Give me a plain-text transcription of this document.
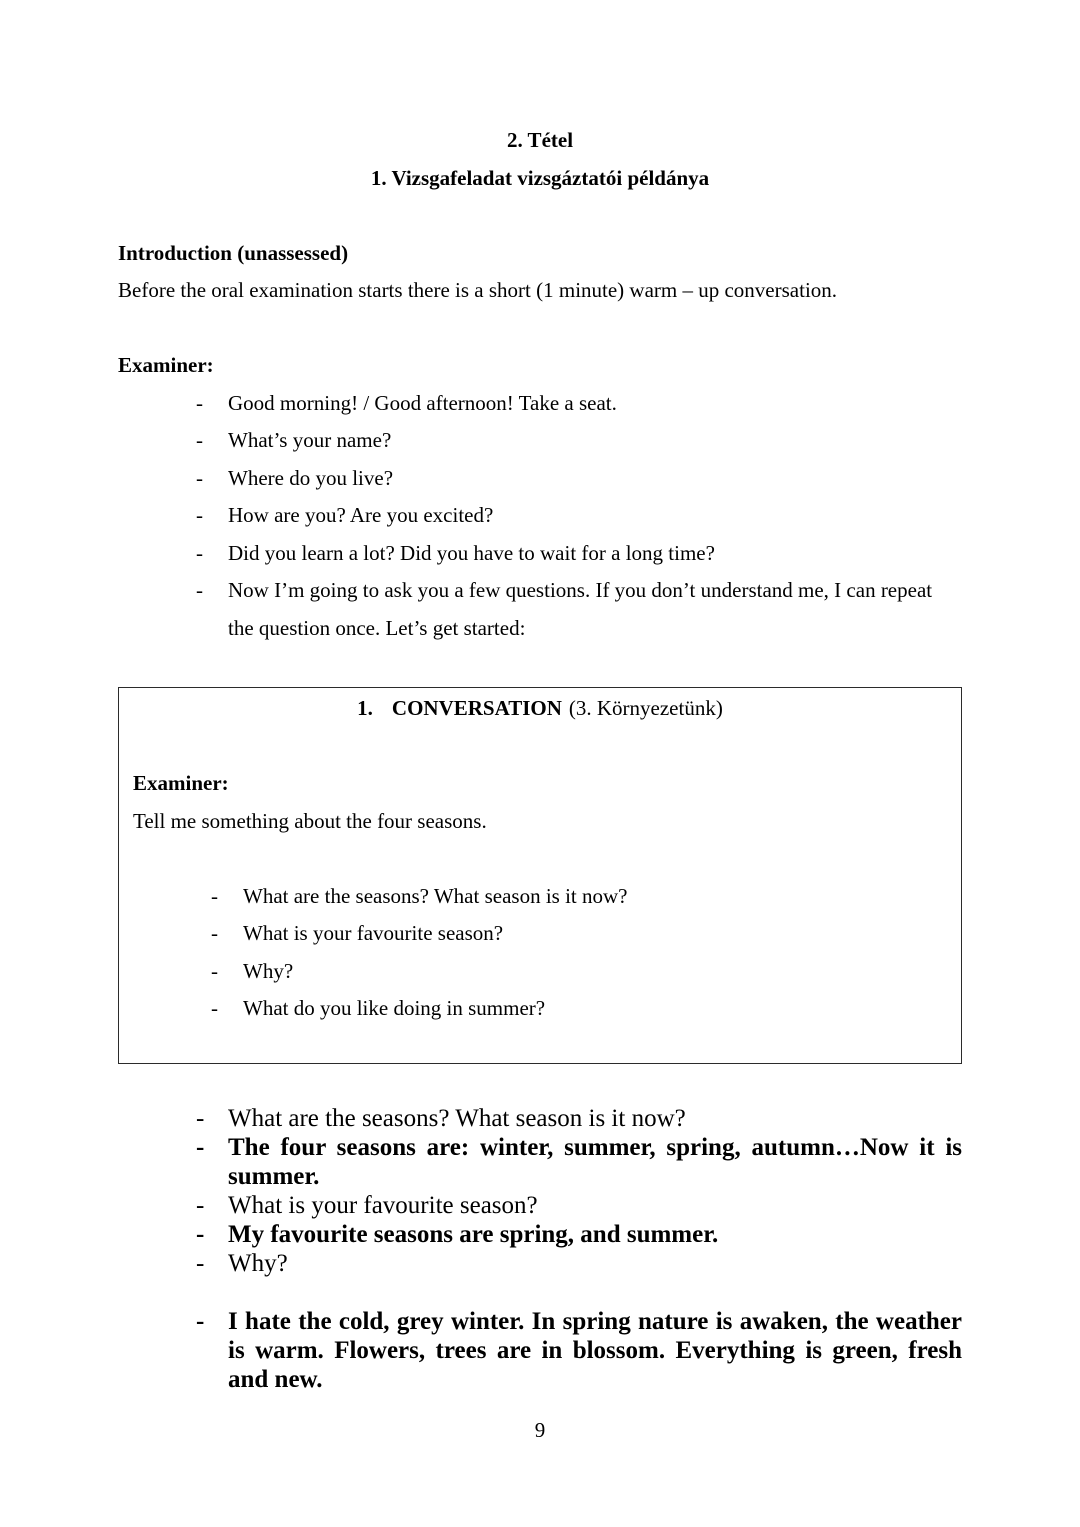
2. Tétel
1. Vizsgafeladat vizsgáztatói példánya
Introduction (unassessed)

Before the oral examination starts there is a short (1 minute) warm – up conversation.

Examiner:
-	Good morning! / Good afternoon! Take a seat.
-	What’s your name?
-	Where do you live?
-	How are you? Are you excited?
-	Did you learn a lot? Did you have to wait for a long time?
-	Now I’m going to ask you a few questions. If you don’t understand me, I can repeat the question once. Let’s get started:
1. CONVERSATION (3. Környezetünk)
Examiner:

Tell me something about the four seasons.

-	What are the seasons? What season is it now?
-	What is your favourite season?
-	Why?
-	What do you like doing in summer?
- What are the seasons? What season is it now?
- The four seasons are: winter, summer, spring, autumn…Now it is summer.
- What is your favourite season?
- My favourite seasons are spring, and summer.
- Why?
- I hate the cold, grey winter. In spring nature is awaken, the weather is warm. Flowers, trees are in blossom. Everything is green, fresh and new.
9
